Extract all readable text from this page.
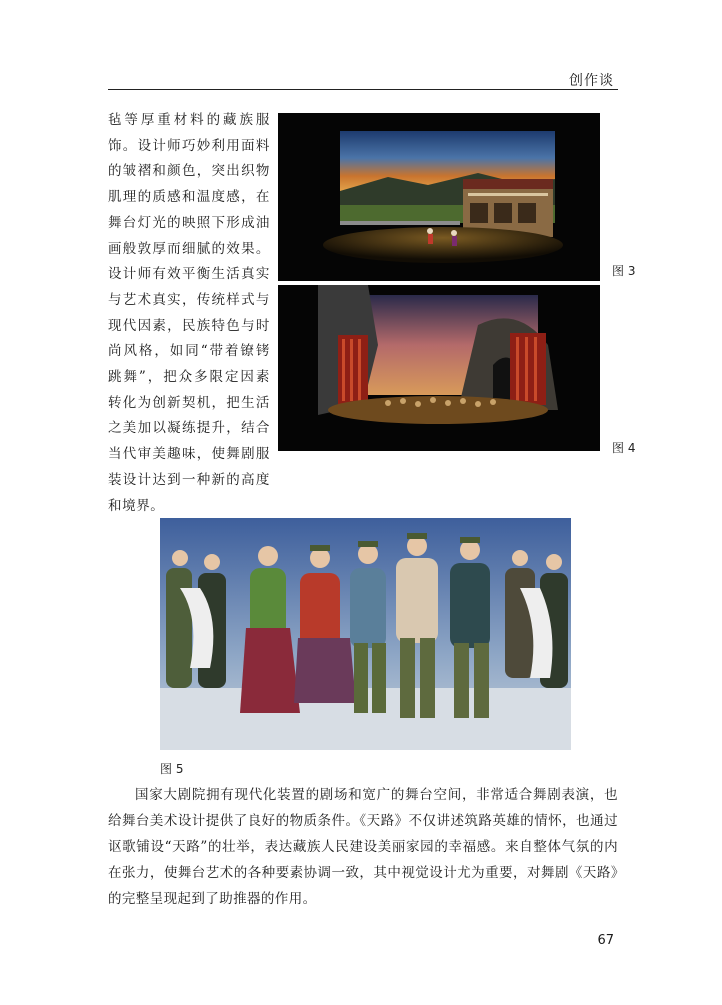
创作谈
毡等厚重材料的藏族服饰。设计师巧妙利用面料的皱褶和颜色，突出织物肌理的质感和温度感，在舞台灯光的映照下形成油画般敦厚而细腻的效果。设计师有效平衡生活真实与艺术真实，传统样式与现代因素，民族特色与时尚风格，如同“带着镣铐跳舞”，把众多限定因素转化为创新契机，把生活之美加以凝练提升，结合当代审美趣味，使舞剧服装设计达到一种新的高度和境界。
图 3
图 4
图 5

国家大剧院拥有现代化装置的剧场和宽广的舞台空间，非常适合舞剧表演，也给舞台美术设计提供了良好的物质条件。《天路》不仅讲述筑路英雄的情怀，也通过讴歌铺设“天路”的壮举，表达藏族人民建设美丽家园的幸福感。来自整体气氛的内在张力，使舞台艺术的各种要素协调一致，其中视觉设计尤为重要，对舞剧《天路》的完整呈现起到了助推器的作用。

67
